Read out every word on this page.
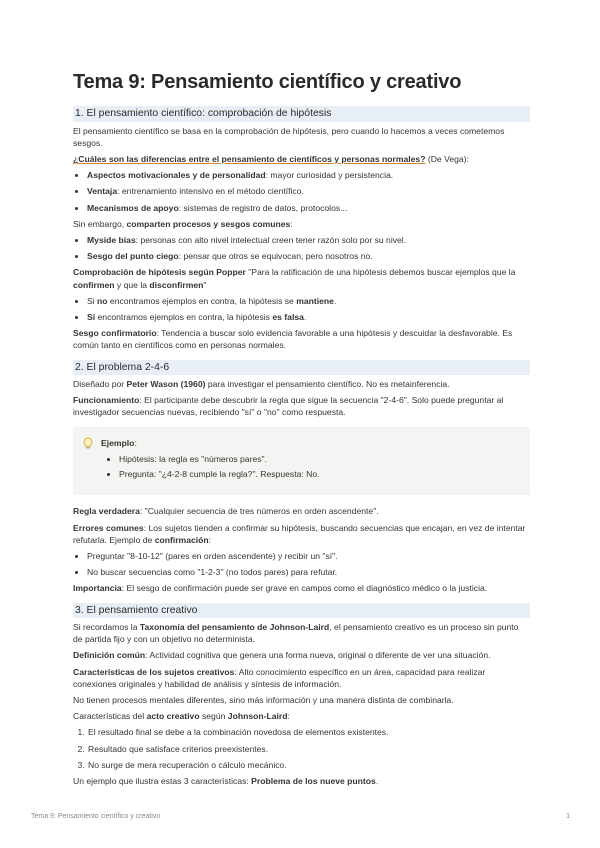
Tema 9: Pensamiento científico y creativo
1. El pensamiento científico: comprobación de hipótesis

El pensamiento científico se basa en la comprobación de hipótesis, pero cuando lo hacemos a veces cometemos sesgos.

¿Cuáles son las diferencias entre el pensamiento de científicos y personas normales? (De Vega):

• Aspectos motivacionales y de personalidad: mayor curiosidad y persistencia.
• Ventaja: entrenamiento intensivo en el método científico.
• Mecanismos de apoyo: sistemas de registro de datos, protocolos...

Sin embargo, comparten procesos y sesgos comunes:

• Myside bias: personas con alto nivel intelectual creen tener razón solo por su nivel.
• Sesgo del punto ciego: pensar que otros se equivocan, pero nosotros no.

Comprobación de hipótesis según Popper "Para la ratificación de una hipótesis debemos buscar ejemplos que la confirmen y que la disconfirmen"

• Si no encontramos ejemplos en contra, la hipótesis se mantiene.
• Si encontramos ejemplos en contra, la hipótesis es falsa.

Sesgo confirmatorio: Tendencia a buscar solo evidencia favorable a una hipótesis y descuidar la desfavorable. Es común tanto en científicos como en personas normales.

2. El problema 2-4-6

Diseñado por Peter Wason (1960) para investigar el pensamiento científico. No es metainferencia.

Funcionamiento: El participante debe descubrir la regla que sigue la secuencia "2-4-6". Solo puede preguntar al investigador secuencias nuevas, recibiendo "sí" o "no" como respuesta.

Ejemplo:
• Hipótesis: la regla es "números pares".
• Pregunta: "¿4-2-8 cumple la regla?". Respuesta: No.

Regla verdadera: "Cualquier secuencia de tres números en orden ascendente".

Errores comunes: Los sujetos tienden a confirmar su hipótesis, buscando secuencias que encajan, en vez de intentar refutarla. Ejemplo de confirmación:

• Preguntar "8-10-12" (pares en orden ascendente) y recibir un "sí".
• No buscar secuencias como "1-2-3" (no todos pares) para refutar.

Importancia: El sesgo de confirmación puede ser grave en campos como el diagnóstico médico o la justicia.

3. El pensamiento creativo

Si recordamos la Taxonomía del pensamiento de Johnson-Laird, el pensamiento creativo es un proceso sin punto de partida fijo y con un objetivo no determinista.

Definición común: Actividad cognitiva que genera una forma nueva, original o diferente de ver una situación.

Características de los sujetos creativos: Alto conocimiento específico en un área, capacidad para realizar conexiones originales y habilidad de análisis y síntesis de información.

No tienen procesos mentales diferentes, sino más información y una manera distinta de combinarla.

Características del acto creativo según Johnson-Laird:

1. El resultado final se debe a la combinación novedosa de elementos existentes.
2. Resultado que satisface criterios preexistentes.
3. No surge de mera recuperación o cálculo mecánico.

Un ejemplo que ilustra estas 3 características: Problema de los nueve puntos.

Tema 9: Pensamiento científico y creativo	1
